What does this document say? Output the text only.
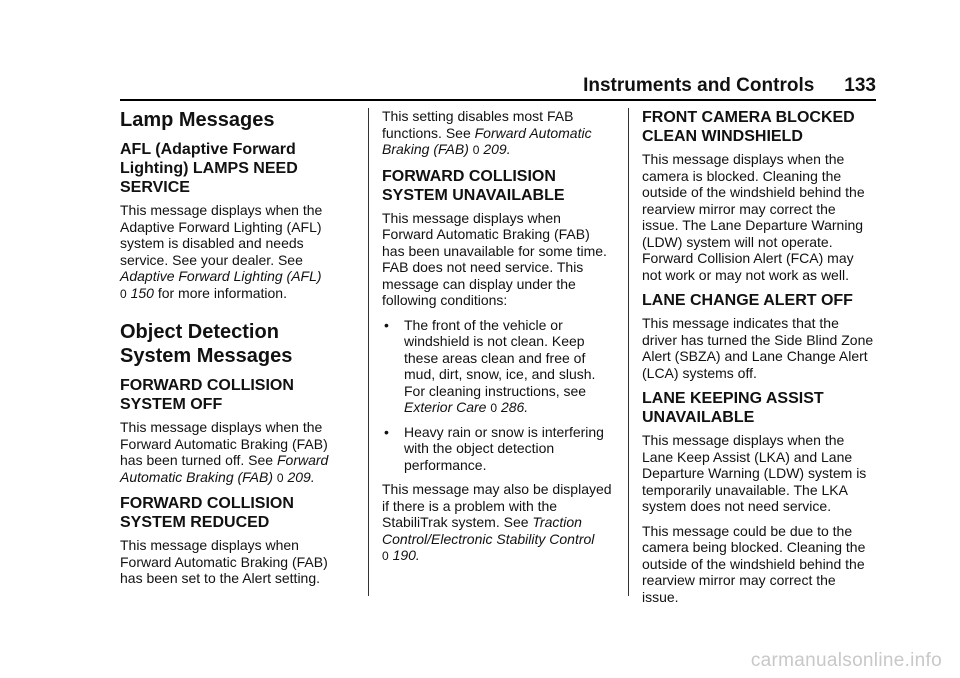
Instruments and Controls 133
Lamp Messages
AFL (Adaptive Forward Lighting) LAMPS NEED SERVICE

This message displays when the Adaptive Forward Lighting (AFL) system is disabled and needs service. See your dealer. See Adaptive Forward Lighting (AFL)
0 150 for more information.

Object Detection System Messages
FORWARD COLLISION SYSTEM OFF

This message displays when the Forward Automatic Braking (FAB) has been turned off. See Forward Automatic Braking (FAB) 0 209.

FORWARD COLLISION SYSTEM REDUCED

This message displays when Forward Automatic Braking (FAB) has been set to the Alert setting.

This setting disables most FAB functions. See Forward Automatic Braking (FAB) 0 209.

FORWARD COLLISION SYSTEM UNAVAILABLE

This message displays when Forward Automatic Braking (FAB) has been unavailable for some time. FAB does not need service. This message can display under the following conditions:

• The front of the vehicle or windshield is not clean. Keep these areas clean and free of mud, dirt, snow, ice, and slush. For cleaning instructions, see Exterior Care 0 286.
• Heavy rain or snow is interfering with the object detection performance.

This message may also be displayed if there is a problem with the StabiliTrak system. See Traction Control/Electronic Stability Control
0 190.

FRONT CAMERA BLOCKED CLEAN WINDSHIELD

This message displays when the camera is blocked. Cleaning the outside of the windshield behind the rearview mirror may correct the issue. The Lane Departure Warning (LDW) system will not operate. Forward Collision Alert (FCA) may not work or may not work as well.

LANE CHANGE ALERT OFF

This message indicates that the driver has turned the Side Blind Zone Alert (SBZA) and Lane Change Alert (LCA) systems off.

LANE KEEPING ASSIST UNAVAILABLE

This message displays when the Lane Keep Assist (LKA) and Lane Departure Warning (LDW) system is temporarily unavailable. The LKA system does not need service.

This message could be due to the camera being blocked. Cleaning the outside of the windshield behind the rearview mirror may correct the issue.

carmanualsonline.info
